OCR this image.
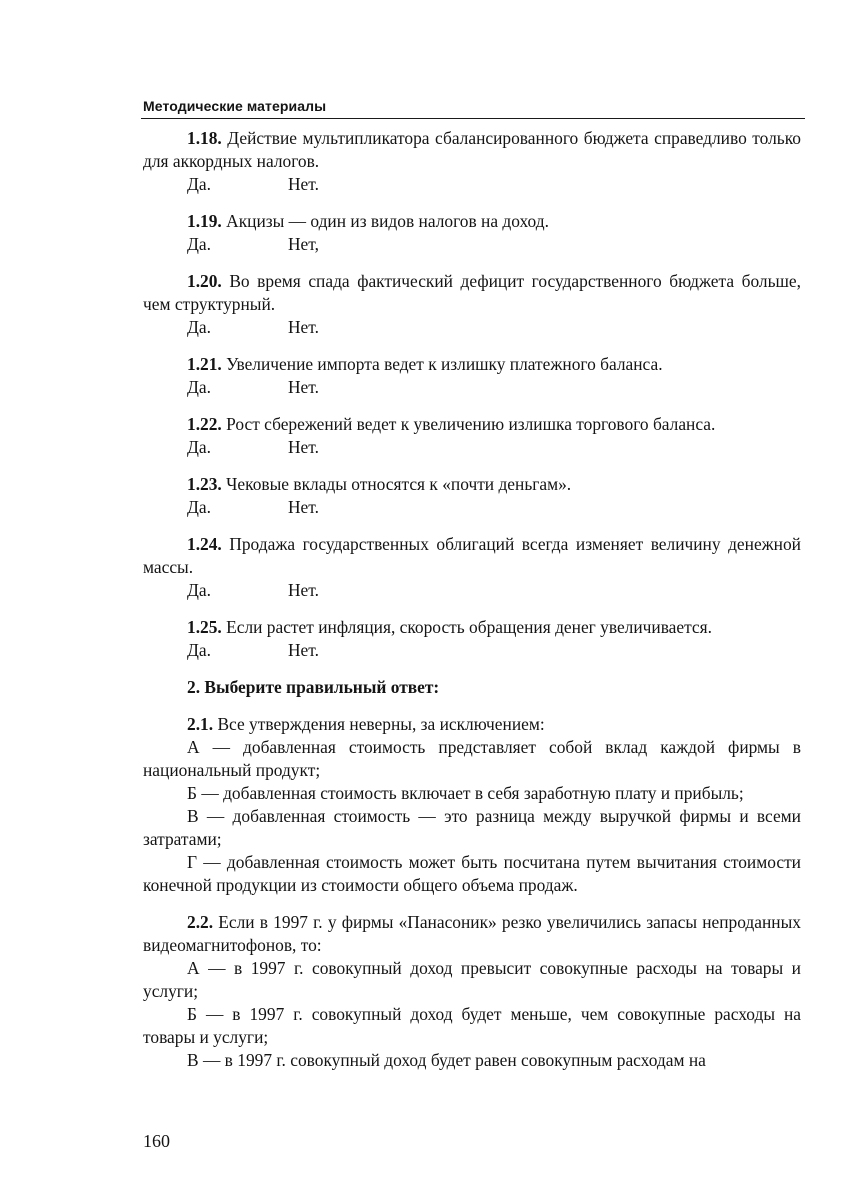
Методические материалы
1.18. Действие мультипликатора сбалансированного бюджета справедливо только для аккордных налогов.
Да.	Нет.
1.19. Акцизы — один из видов налогов на доход.
Да.	Нет,
1.20. Во время спада фактический дефицит государственного бюджета больше, чем структурный.
Да.	Нет.
1.21. Увеличение импорта ведет к излишку платежного баланса.
Да.	Нет.
1.22. Рост сбережений ведет к увеличению излишка торгового баланса.
Да.	Нет.
1.23. Чековые вклады относятся к «почти деньгам».
Да.	Нет.
1.24. Продажа государственных облигаций всегда изменяет величину денежной массы.
Да.	Нет.
1.25. Если растет инфляция, скорость обращения денег увеличивается.
Да.	Нет.
2. Выберите правильный ответ:
2.1. Все утверждения неверны, за исключением:
А — добавленная стоимость представляет собой вклад каждой фирмы в национальный продукт;
Б — добавленная стоимость включает в себя заработную плату и прибыль;
В — добавленная стоимость — это разница между выручкой фирмы и всеми затратами;
Г — добавленная стоимость может быть посчитана путем вычитания стоимости конечной продукции из стоимости общего объема продаж.
2.2. Если в 1997 г. у фирмы «Панасоник» резко увеличились запасы непроданных видеомагнитофонов, то:
А — в 1997 г. совокупный доход превысит совокупные расходы на товары и услуги;
Б — в 1997 г. совокупный доход будет меньше, чем совокупные расходы на товары и услуги;
В — в 1997 г. совокупный доход будет равен совокупным расходам на
160
